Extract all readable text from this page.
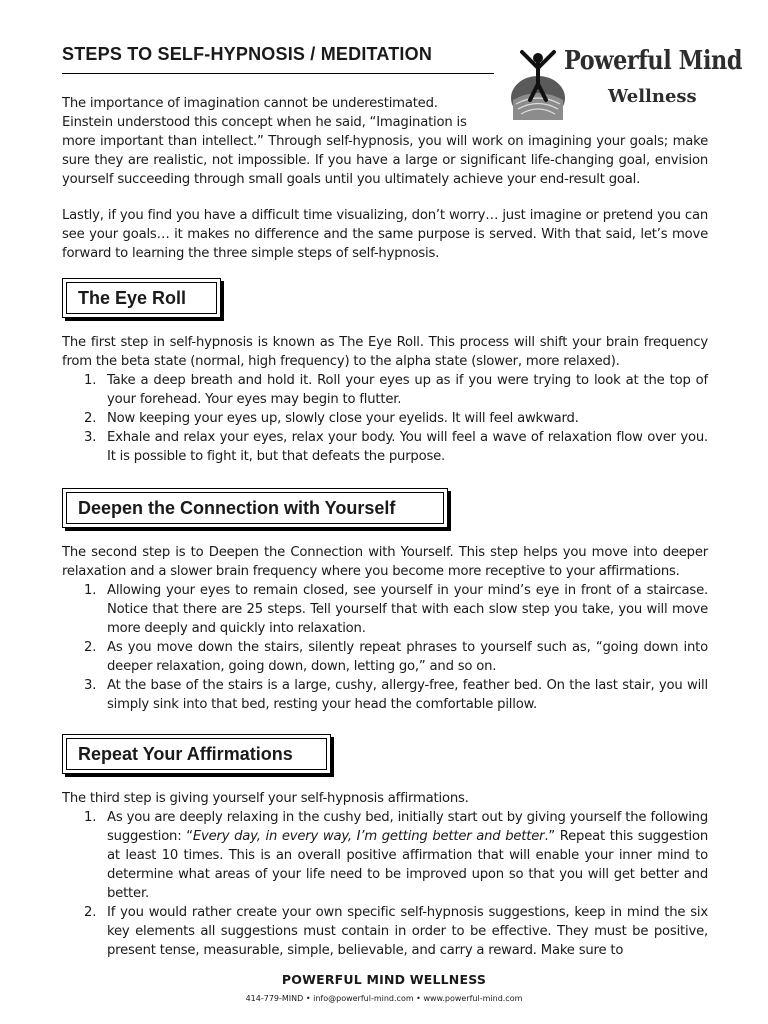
STEPS TO SELF-HYPNOSIS / MEDITATION	Powerful Mind
Wellness
The importance of imagination cannot be underestimated.
Einstein understood this concept when he said, “Imagination is
more important than intellect.” Through self-hypnosis, you will work on imagining your goals; make sure they are realistic, not impossible. If you have a large or significant life-changing goal, envision yourself succeeding through small goals until you ultimately achieve your end-result goal.
Lastly, if you find you have a difficult time visualizing, don’t worry… just imagine or pretend you can see your goals… it makes no difference and the same purpose is served. With that said, let’s move forward to learning the three simple steps of self-hypnosis.
The Eye Roll
The first step in self-hypnosis is known as The Eye Roll. This process will shift your brain frequency from the beta state (normal, high frequency) to the alpha state (slower, more relaxed).
1. Take a deep breath and hold it. Roll your eyes up as if you were trying to look at the top of your forehead. Your eyes may begin to flutter.
2. Now keeping your eyes up, slowly close your eyelids. It will feel awkward.
3. Exhale and relax your eyes, relax your body. You will feel a wave of relaxation flow over you. It is possible to fight it, but that defeats the purpose.
Deepen the Connection with Yourself
The second step is to Deepen the Connection with Yourself. This step helps you move into deeper relaxation and a slower brain frequency where you become more receptive to your affirmations.
1. Allowing your eyes to remain closed, see yourself in your mind’s eye in front of a staircase. Notice that there are 25 steps. Tell yourself that with each slow step you take, you will move more deeply and quickly into relaxation.
2. As you move down the stairs, silently repeat phrases to yourself such as, “going down into deeper relaxation, going down, down, letting go,” and so on.
3. At the base of the stairs is a large, cushy, allergy-free, feather bed. On the last stair, you will simply sink into that bed, resting your head the comfortable pillow.
Repeat Your Affirmations
The third step is giving yourself your self-hypnosis affirmations.
1. As you are deeply relaxing in the cushy bed, initially start out by giving yourself the following suggestion: “Every day, in every way, I’m getting better and better.” Repeat this suggestion at least 10 times. This is an overall positive affirmation that will enable your inner mind to determine what areas of your life need to be improved upon so that you will get better and better.
2. If you would rather create your own specific self-hypnosis suggestions, keep in mind the six key elements all suggestions must contain in order to be effective. They must be positive, present tense, measurable, simple, believable, and carry a reward. Make sure to
POWERFUL MIND WELLNESS
414-779-MIND • info@powerful-mind.com • www.powerful-mind.com
